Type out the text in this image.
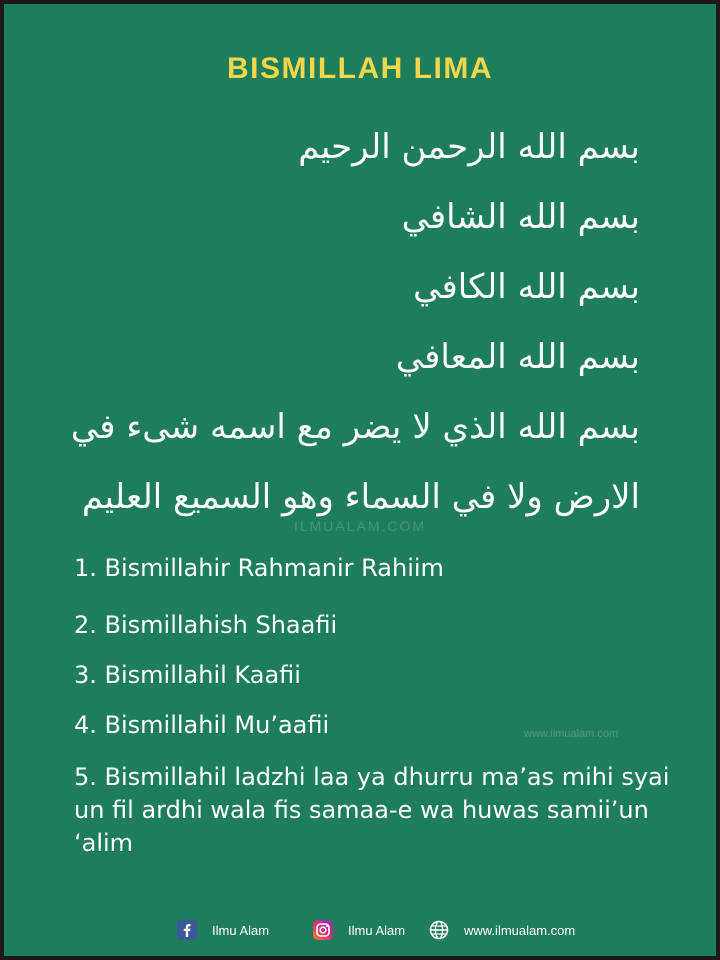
BISMILLAH LIMA
بسم الله الرحمن الرحيم
بسم الله الشافي
بسم الله الكافي
بسم الله المعافي
بسم الله الذي لا يضر مع اسمه شىء في
الارض ولا في السماء وهو السميع العليم
ILMUALAM.COM
www.ilmualam.com
1. Bismillahir Rahmanir Rahiim
2. Bismillahish Shaafii
3. Bismillahil Kaafii
4. Bismillahil Mu’aafii
5. Bismillahil ladzhi laa ya dhurru ma’as mihi syai un fil ardhi wala fis samaa-e wa huwas samii’un ‘alim
Ilmu Alam	Ilmu Alam	www.ilmualam.com
